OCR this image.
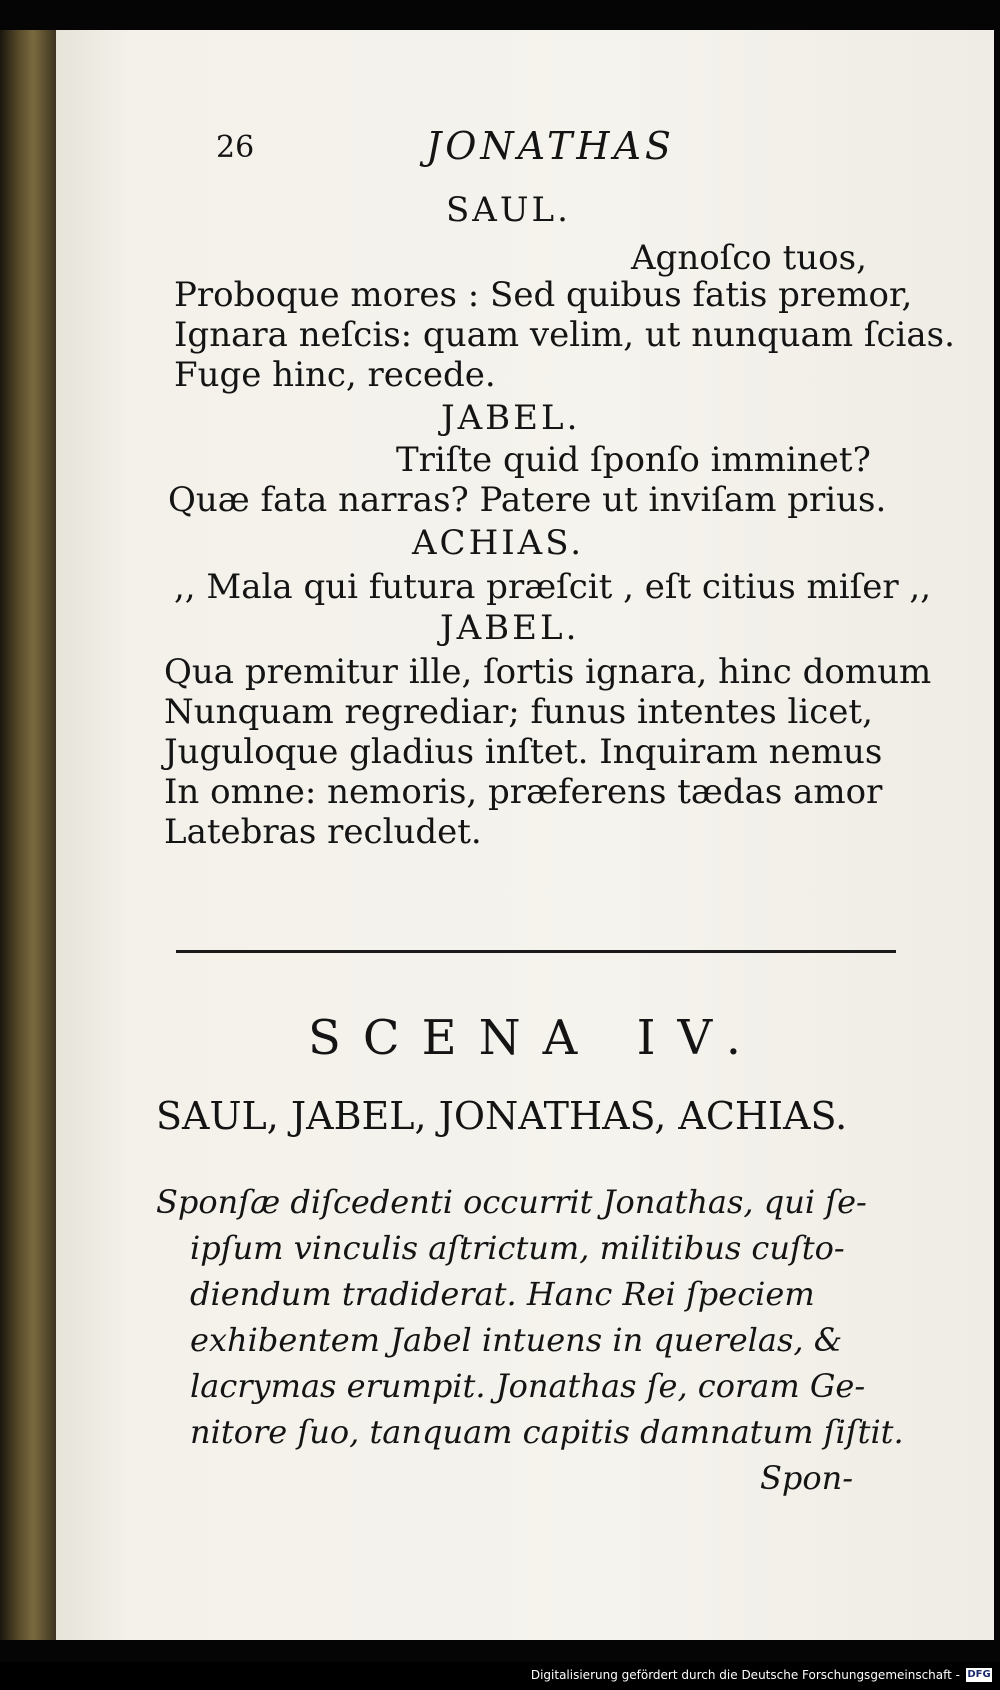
26	JONATHAS
SAUL.
Agnoſco tuos,
Proboque mores : Sed quibus fatis premor,
Ignara neſcis: quam velim, ut nunquam ſcias.
Fuge hinc, recede.
JABEL.
Triſte quid ſponſo imminet?
Quæ fata narras? Patere ut inviſam prius.
ACHIAS.
,, Mala qui futura præſcit , eſt citius miſer ,,
JABEL.
Qua premitur ille, ſortis ignara, hinc domum
Nunquam regrediar; funus intentes licet,
Juguloque gladius inſtet. Inquiram nemus
In omne: nemoris, præferens tædas amor
Latebras recludet.
SCENA IV.
SAUL, JABEL, JONATHAS, ACHIAS.
Sponſæ diſcedenti occurrit Jonathas, qui ſe-
ipſum vinculis aſtrictum, militibus cuſto-
diendum tradiderat. Hanc Rei ſpeciem
exhibentem Jabel intuens in querelas, &
lacrymas erumpit. Jonathas ſe, coram Ge-
nitore ſuo, tanquam capitis damnatum ſiſtit.
Spon-
Digitalisierung gefördert durch die Deutsche Forschungsgemeinschaft - DFG
